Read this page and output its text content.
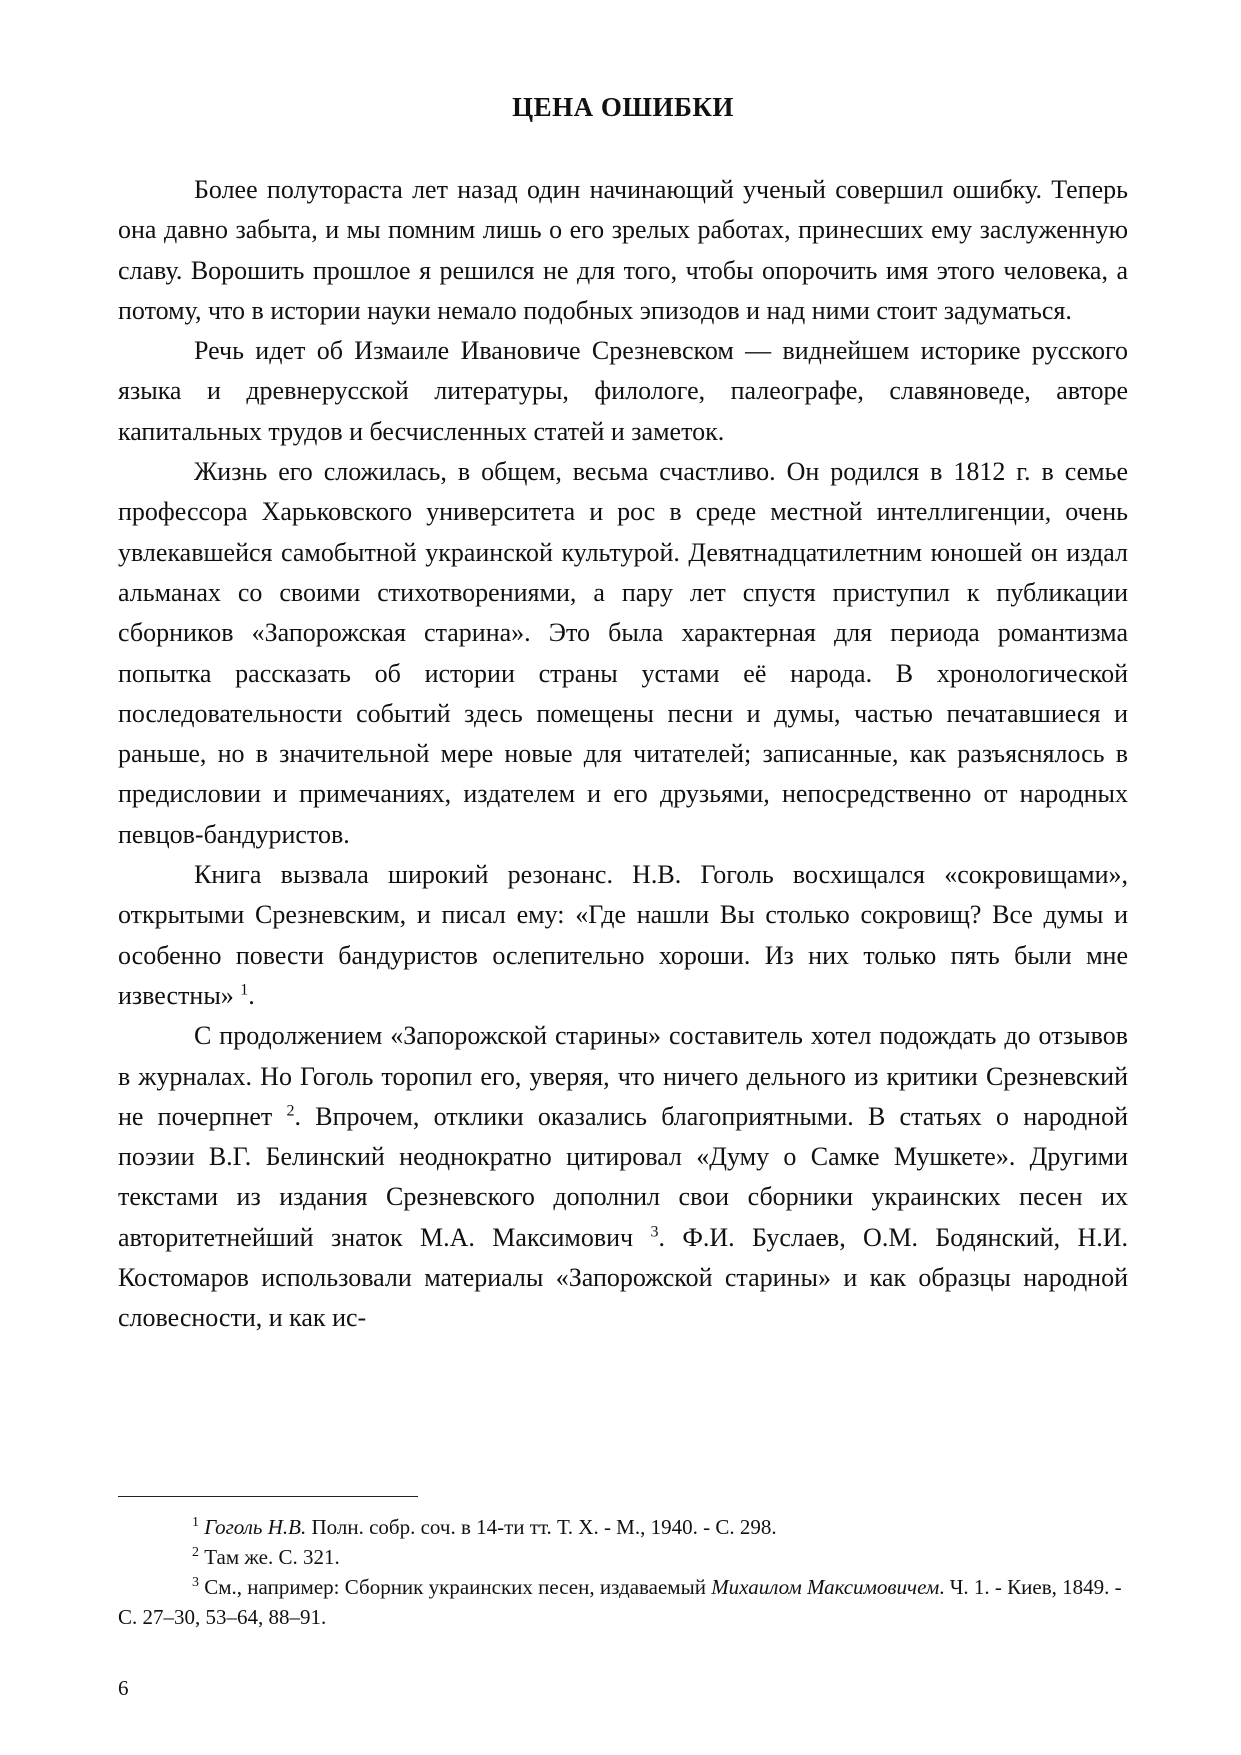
ЦЕНА ОШИБКИ

Более полутораста лет назад один начинающий ученый совершил ошибку. Теперь она давно забыта, и мы помним лишь о его зрелых работах, принесших ему заслуженную славу. Ворошить прошлое я решился не для того, чтобы опорочить имя этого человека, а потому, что в истории науки немало подобных эпизодов и над ними стоит задуматься.

Речь идет об Измаиле Ивановиче Срезневском — виднейшем историке русского языка и древнерусской литературы, филологе, палеографе, славяноведе, авторе капитальных трудов и бесчисленных статей и заметок.

Жизнь его сложилась, в общем, весьма счастливо. Он родился в 1812 г. в семье профессора Харьковского университета и рос в среде местной интеллигенции, очень увлекавшейся самобытной украинской культурой. Девятнадцатилетним юношей он издал альманах со своими стихотворениями, а пару лет спустя приступил к публикации сборников «Запорожская старина». Это была характерная для периода романтизма попытка рассказать об истории страны устами её народа. В хронологической последовательности событий здесь помещены песни и думы, частью печатавшиеся и раньше, но в значительной мере новые для читателей; записанные, как разъяснялось в предисловии и примечаниях, издателем и его друзьями, непосредственно от народных певцов-бандуристов.

Книга вызвала широкий резонанс. Н.В. Гоголь восхищался «сокровищами», открытыми Срезневским, и писал ему: «Где нашли Вы столько сокровищ? Все думы и особенно повести бандуристов ослепительно хороши. Из них только пять были мне известны» $^1$.

С продолжением «Запорожской старины» составитель хотел подождать до отзывов в журналах. Но Гоголь торопил его, уверяя, что ничего дельного из критики Срезневский не почерпнет $^2$. Впрочем, отклики оказались благоприятными. В статьях о народной поэзии В.Г. Белинский неоднократно цитировал «Думу о Самке Мушкете». Другими текстами из издания Срезневского дополнил свои сборники украинских песен их авторитетнейший знаток М.А. Максимович $^3$. Ф.И. Буслаев, О.М. Бодянский, Н.И. Костомаров использовали материалы «Запорожской старины» и как образцы народной словесности, и как ис-

$^1$ Гоголь Н.В. Полн. собр. соч. в 14-ти тт. Т. X. - М., 1940. - С. 298.

$^2$ Там же. С. 321.

$^3$ См., например: Сборник украинских песен, издаваемый Михаилом Максимовичем. Ч. 1. - Киев, 1849. - С. 27–30, 53–64, 88–91.

6
